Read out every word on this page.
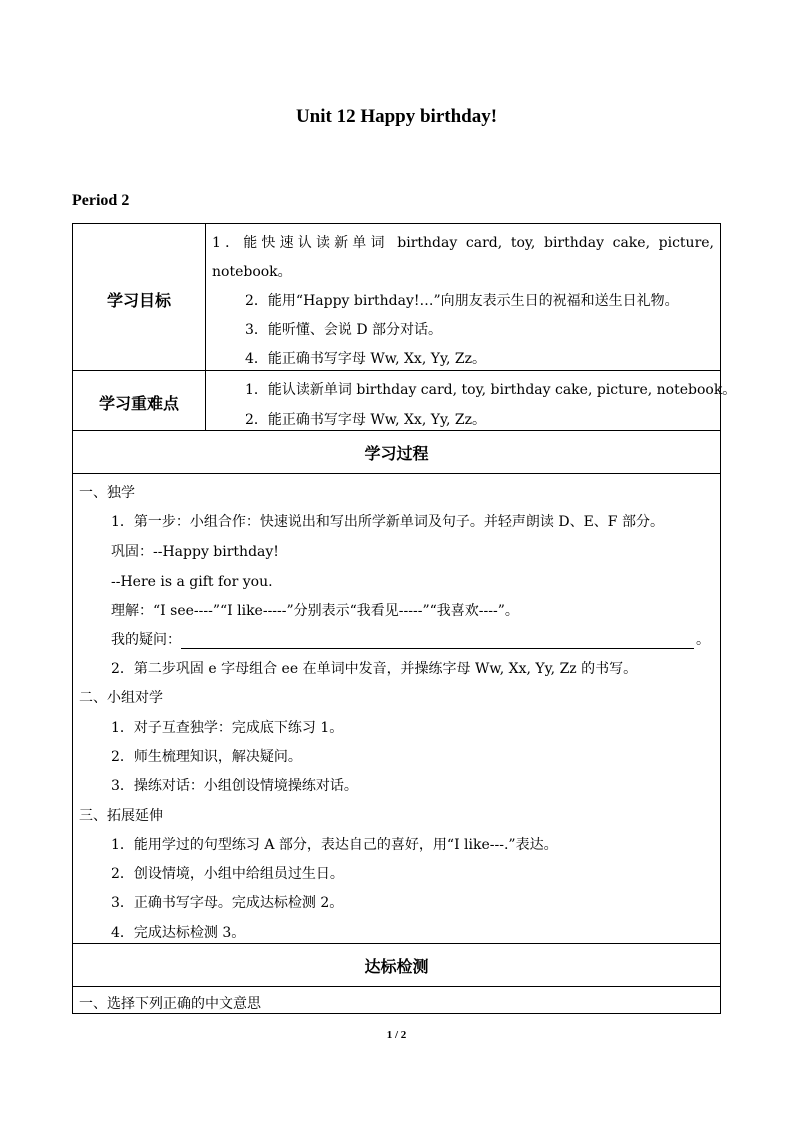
Unit 12 Happy birthday!
Period 2
学习目标
1．能快速认读新单词 birthday card, toy, birthday cake, picture,
notebook。
2．能用“Happy birthday!…”向朋友表示生日的祝福和送生日礼物。
3．能听懂、会说 D 部分对话。
4．能正确书写字母 Ww, Xx, Yy, Zz。
学习重难点
1．能认读新单词 birthday card, toy, birthday cake, picture, notebook。
2．能正确书写字母 Ww, Xx, Yy, Zz。
学习过程
一、独学
1．第一步：小组合作：快速说出和写出所学新单词及句子。并轻声朗读 D、E、F 部分。
巩固：--Happy birthday!
--Here is a gift for you.
理解：“I see----”“I like-----”分别表示“我看见-----”“我喜欢----”。
我的疑问：	。
2．第二步巩固 e 字母组合 ee 在单词中发音，并操练字母 Ww, Xx, Yy, Zz 的书写。
二、小组对学
1．对子互查独学：完成底下练习 1。
2．师生梳理知识，解决疑问。
3．操练对话：小组创设情境操练对话。
三、拓展延伸
1．能用学过的句型练习 A 部分，表达自己的喜好，用“I like---.”表达。
2．创设情境，小组中给组员过生日。
3．正确书写字母。完成达标检测 2。
4．完成达标检测 3。
达标检测
一、选择下列正确的中文意思
1 / 2
